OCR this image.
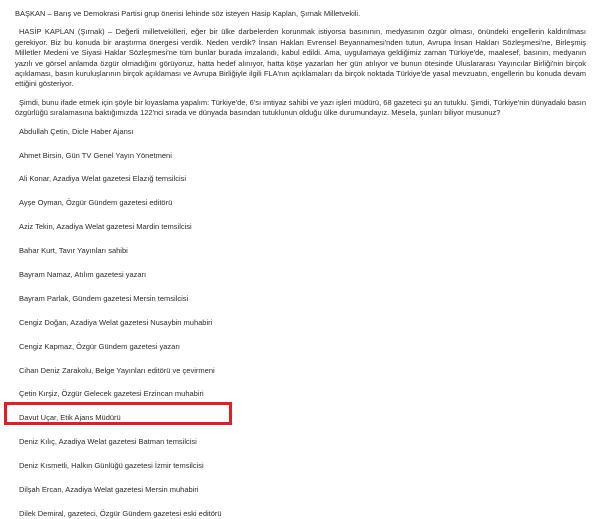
BAŞKAN – Barış ve Demokrasi Partisi grup önerisi lehinde söz isteyen Hasip Kaplan, Şırnak Milletvekili.

HASİP KAPLAN (Şırnak) – Değerli milletvekilleri, eğer bir ülke darbelerden korunmak istiyorsa basınının, medyasının özgür olması, önündeki engellerin kaldırılması gerekiyor. Biz bu konuda bir araştırma önergesi verdik. Neden verdik? İnsan Hakları Evrensel Beyannamesi'nden tutun, Avrupa İnsan Hakları Sözleşmesi'ne, Birleşmiş Milletler Medeni ve Siyasi Haklar Sözleşmesi'ne tüm bunlar burada imzalandı, kabul edildi. Ama, uygulamaya geldiğimiz zaman Türkiye'de, maalesef, basının, medyanın yazılı ve görsel anlamda özgür olmadığını görüyoruz, hatta hedef alınıyor, hatta köşe yazarları her gün atılıyor ve bunun ötesinde Uluslararası Yayıncılar Birliği'nin birçok açıklaması, basın kuruluşlarının birçok açıklaması ve Avrupa Birliğiyle ilgili FLA'nın açıklamaları da birçok noktada Türkiye'de yasal mevzuatın, engellerin bu konuda devam ettiğini gösteriyor.

Şimdi, bunu ifade etmek için şöyle bir kıyaslama yapalım: Türkiye'de, 6'sı imtiyaz sahibi ve yazı işleri müdürü, 68 gazeteci şu an tutuklu. Şimdi, Türkiye'nin dünyadaki basın özgürlüğü sıralamasına baktığımızda 122'nci sırada ve dünyada basından tutuklunun olduğu ülke durumundayız. Mesela, şunları biliyor musunuz?

Abdullah Çetin, Dicle Haber Ajansı
Ahmet Birsin, Gün TV Genel Yayın Yönetmeni
Ali Konar, Azadiya Welat gazetesi Elazığ temsilcisi
Ayşe Oyman, Özgür Gündem gazetesi editörü
Aziz Tekin, Azadiya Welat gazetesi Mardin temsilcisi
Bahar Kurt, Tavır Yayınları sahibi
Bayram Namaz, Atılım gazetesi yazarı
Bayram Parlak, Gündem gazetesi Mersin temsilcisi
Cengiz Doğan, Azadiya Welat gazetesi Nusaybin muhabiri
Cengiz Kapmaz, Özgür Gündem gazetesi yazarı
Cihan Deniz Zarakolu, Belge Yayınları editörü ve çevirmeni
Çetin Kırşiz, Özgür Gelecek gazetesi Erzincan muhabiri
Davut Uçar, Etik Ajans Müdürü
Deniz Kılıç, Azadiya Welat gazetesi Batman temsilcisi
Deniz Kısmetli, Halkın Günlüğü gazetesi İzmir temsilcisi
Dilşah Ercan, Azadiya Welat gazetesi Mersin muhabiri
Dilek Demiral, gazeteci, Özgür Gündem gazetesi eski editörü
